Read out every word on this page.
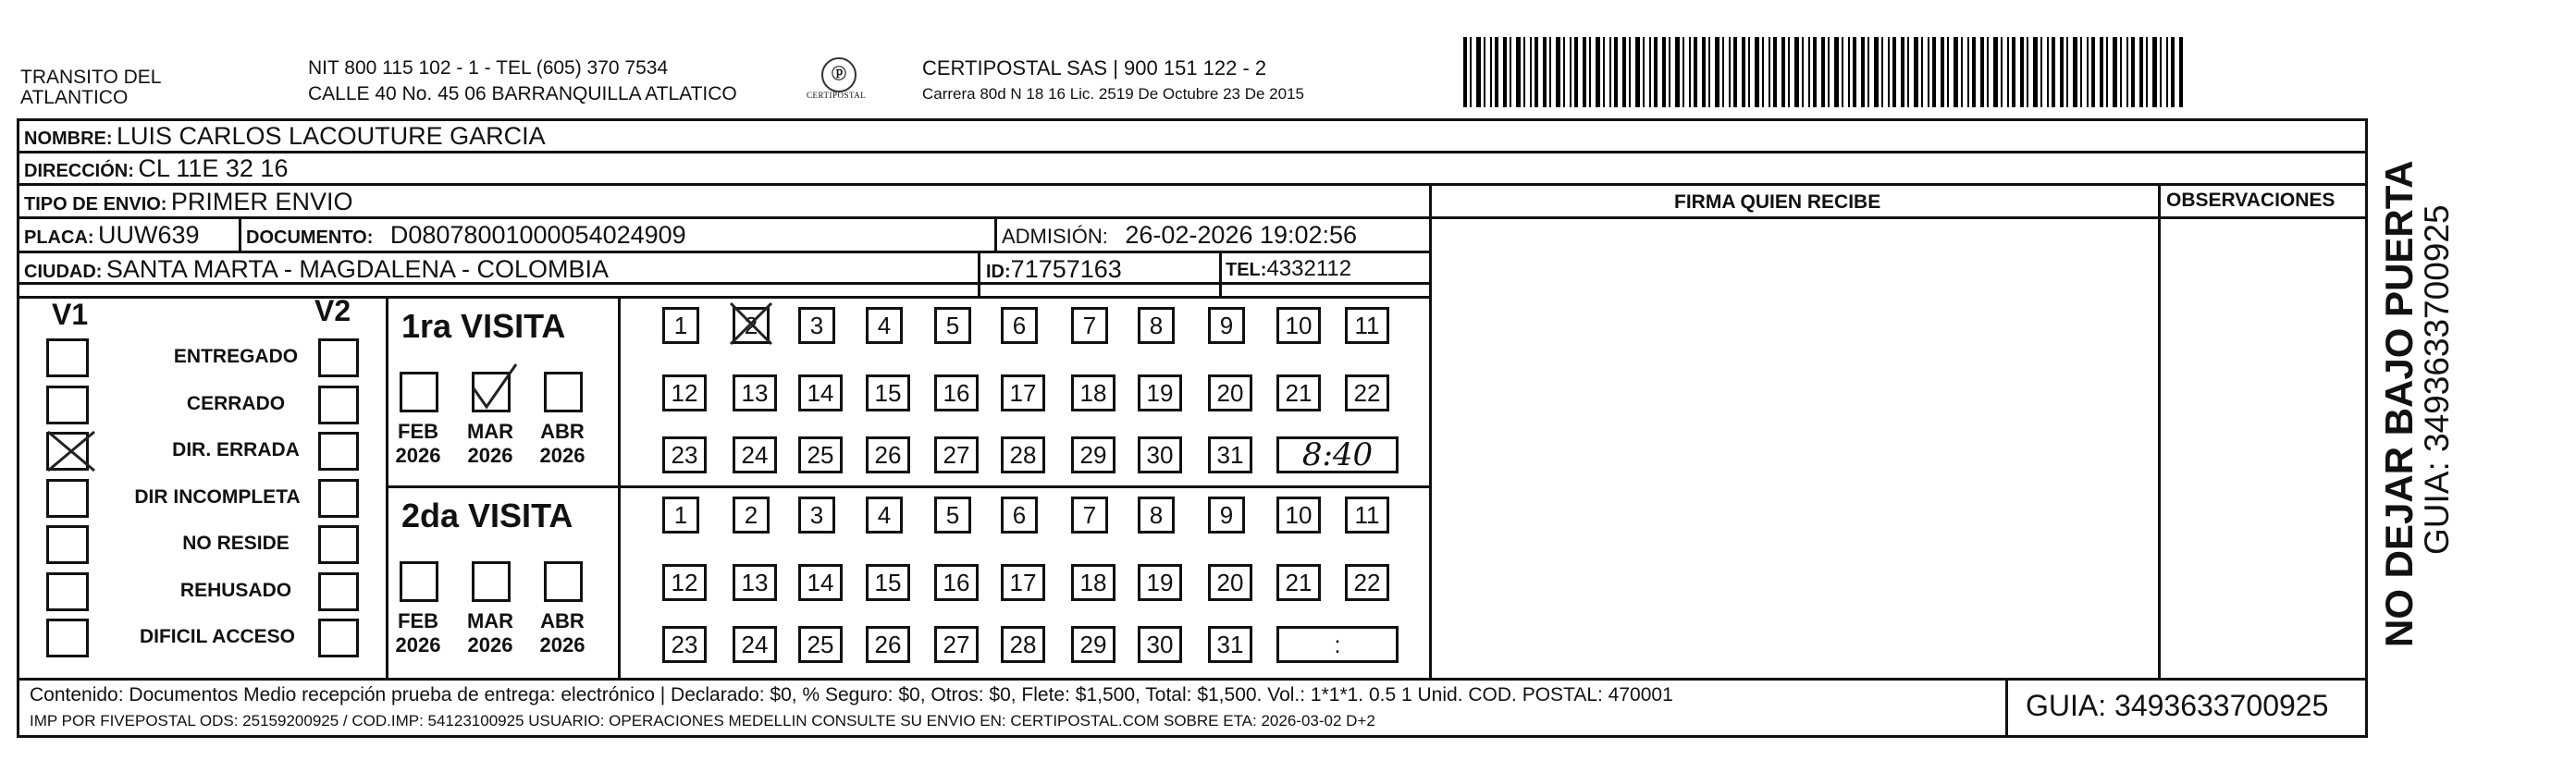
TRANSITO DEL
ATLANTICO
NIT 800 115 102 - 1 - TEL (605) 370 7534
CALLE 40 No. 45 06 BARRANQUILLA ATLATICO
ⓟ
CERTIPOSTAL
CERTIPOSTAL SAS | 900 151 122 - 2
Carrera 80d N 18 16 Lic. 2519 De Octubre 23 De 2015
NOMBRE: LUIS CARLOS LACOUTURE GARCIA
DIRECCIÓN: CL 11E 32 16
TIPO DE ENVIO: PRIMER ENVIO	FIRMA QUIEN RECIBE	OBSERVACIONES
PLACA: UUW639	DOCUMENTO: D08078001000054024909	ADMISIÓN: 26-02-2026 19:02:56
CIUDAD: SANTA MARTA - MAGDALENA - COLOMBIA	ID:71757163	TEL:4332112
V1	V2
Contenido: Documentos Medio recepción prueba de entrega: electrónico | Declarado: $0, % Seguro: $0, Otros: $0, Flete: $1,500, Total: $1,500. Vol.: 1*1*1. 0.5 1 Unid. COD. POSTAL: 470001
IMP POR FIVEPOSTAL ODS: 25159200925 / COD.IMP: 54123100925 USUARIO: OPERACIONES MEDELLIN CONSULTE SU ENVIO EN: CERTIPOSTAL.COM SOBRE ETA: 2026-03-02 D+2	GUIA: 3493633700925
NO DEJAR BAJO PUERTA
GUIA: 3493633700925
ENTREGADO
CERRADO
DIR. ERRADA
DIR INCOMPLETA
NO RESIDE
REHUSADO
DIFICIL ACCESO
1ra VISITA
FEB
2026
MAR
2026
ABR
2026
1	2	3	4	5	6	7	8	9	10	11
12	13	14	15	16	17	18	19	20	21	22
23	24	25	26	27	28	29	30	31	8:40
2da VISITA
FEB
2026
MAR
2026
ABR
2026
1	2	3	4	5	6	7	8	9	10	11
12	13	14	15	16	17	18	19	20	21	22
23	24	25	26	27	28	29	30	31	:
